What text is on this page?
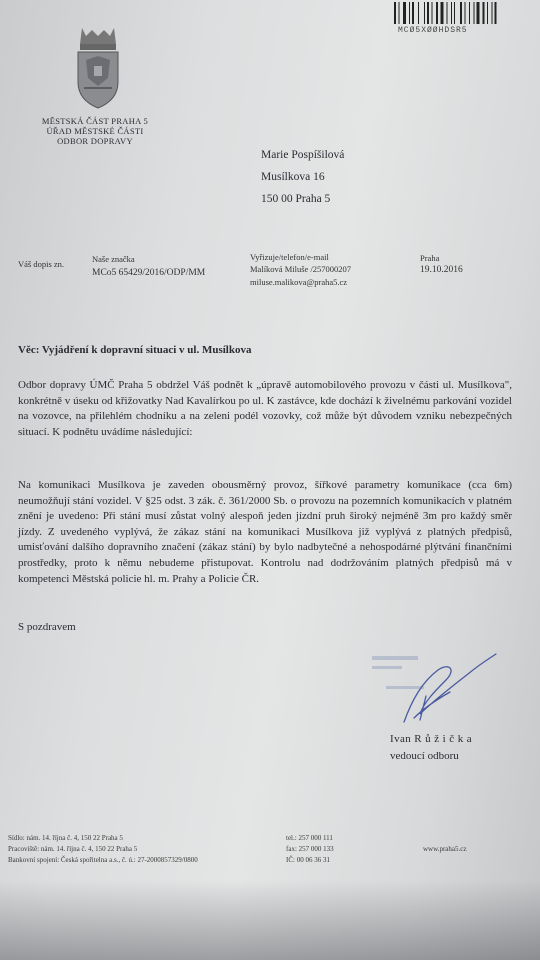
MCØ5XØØHDSR5
MĚSTSKÁ ČÁST PRAHA 5
ÚŘAD MĚSTSKÉ ČÁSTI
ODBOR DOPRAVY
Marie Pospíšilová
Musílkova 16
150 00 Praha 5
Váš dopis zn.	Naše značka
MCo5 65429/2016/ODP/MM
Vyřizuje/telefon/e-mail
Malíková Miluše /257000207
miluse.malikova@praha5.cz
Praha
19.10.2016
Věc: Vyjádření k dopravní situaci v ul. Musílkova
Odbor dopravy ÚMČ Praha 5 obdržel Váš podnět k „úpravě automobilového provozu v části ul. Musílkova", konkrétně v úseku od křižovatky Nad Kavalírkou po ul. K zastávce, kde dochází k živelnému parkování vozidel na vozovce, na přilehlém chodníku a na zeleni podél vozovky, což může být důvodem vzniku nebezpečných situací. K podnětu uvádíme následující:
Na komunikaci Musílkova je zaveden obousměrný provoz, šířkové parametry komunikace (cca 6m) neumožňují stání vozidel. V §25 odst. 3 zák. č. 361/2000 Sb. o provozu na pozemních komunikacích v platném znění je uvedeno: Při stání musí zůstat volný alespoň jeden jízdní pruh široký nejméně 3m pro každý směr jízdy. Z uvedeného vyplývá, že zákaz stání na komunikaci Musílkova již vyplývá z platných předpisů, umisťování dalšího dopravního značení (zákaz stání) by bylo nadbytečné a nehospodárné plýtvání finančními prostředky, proto k němu nebudeme přistupovat. Kontrolu nad dodržováním platných předpisů má v kompetenci Městská policie hl. m. Prahy a Policie ČR.
S pozdravem
Ivan R ů ž i č k a
vedoucí odboru
Sídlo: nám. 14. října č. 4, 150 22 Praha 5
Pracoviště: nám. 14. října č. 4, 150 22 Praha 5
Bankovní spojení: Česká spořitelna a.s., č. ú.: 27-2000857329/0800
tel.: 257 000 111
fax: 257 000 133
IČ: 00 06 36 31
www.praha5.cz
